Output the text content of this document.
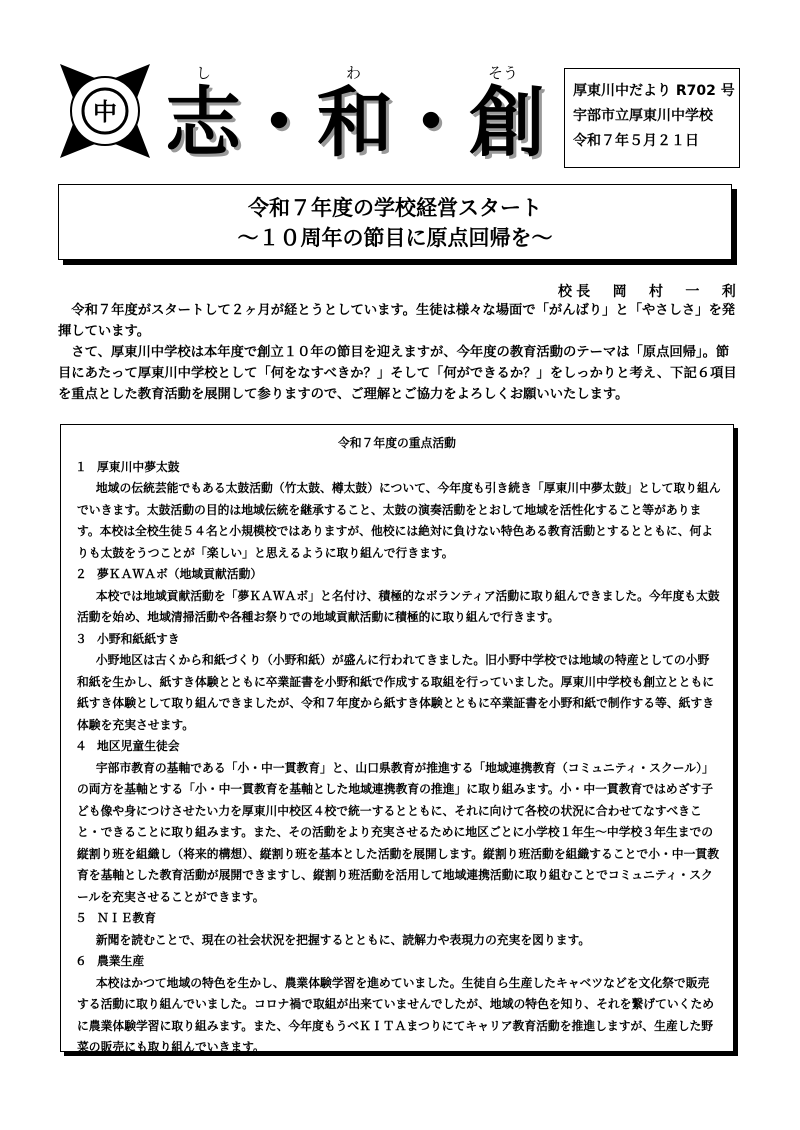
中
し	わ	そう
志・和・創	厚東川中だより R702 号
宇部市立厚東川中学校
令和７年５月２１日
令和７年度の学校経営スタート
～１０周年の節目に原点回帰を～
校長　岡　村　一　利

令和７年度がスタートして２ヶ月が経とうとしています。生徒は様々な場面で「がんばり」と「やさしさ」を発揮しています。

さて、厚東川中学校は本年度で創立１０年の節目を迎えますが、今年度の教育活動のテーマは「原点回帰」。節目にあたって厚東川中学校として「何をなすべきか？」そして「何ができるか？」をしっかりと考え、下記６項目を重点とした教育活動を展開して参りますので、ご理解とご協力をよろしくお願いいたします。

令和７年度の重点活動
１ 厚東川中夢太鼓

地域の伝統芸能でもある太鼓活動（竹太鼓、樽太鼓）について、今年度も引き続き「厚東川中夢太鼓」として取り組んでいきます。太鼓活動の目的は地域伝統を継承すること、太鼓の演奏活動をとおして地域を活性化すること等があります。本校は全校生徒５４名と小規模校ではありますが、他校には絶対に負けない特色ある教育活動とするとともに、何よりも太鼓をうつことが「楽しい」と思えるように取り組んで行きます。

２ 夢ＫＡＷＡボ（地域貢献活動）

本校では地域貢献活動を「夢ＫＡＷＡボ」と名付け、積極的なボランティア活動に取り組んできました。今年度も太鼓活動を始め、地域清掃活動や各種お祭りでの地域貢献活動に積極的に取り組んで行きます。

３ 小野和紙紙すき

小野地区は古くから和紙づくり（小野和紙）が盛んに行われてきました。旧小野中学校では地域の特産としての小野和紙を生かし、紙すき体験とともに卒業証書を小野和紙で作成する取組を行っていました。厚東川中学校も創立とともに紙すき体験として取り組んできましたが、令和７年度から紙すき体験とともに卒業証書を小野和紙で制作する等、紙すき体験を充実させます。

４ 地区児童生徒会

宇部市教育の基軸である「小・中一貫教育」と、山口県教育が推進する「地域連携教育（コミュニティ・スクール）」の両方を基軸とする「小・中一貫教育を基軸とした地域連携教育の推進」に取り組みます。小・中一貫教育ではめざす子ども像や身につけさせたい力を厚東川中校区４校で統一するとともに、それに向けて各校の状況に合わせてなすべきこと・できることに取り組みます。また、その活動をより充実させるために地区ごとに小学校１年生～中学校３年生までの縦割り班を組織し（将来的構想）、縦割り班を基本とした活動を展開します。縦割り班活動を組織することで小・中一貫教育を基軸とした教育活動が展開できますし、縦割り班活動を活用して地域連携活動に取り組むことでコミュニティ・スクールを充実させることができます。

５ ＮＩＥ教育

新聞を読むことで、現在の社会状況を把握するとともに、読解力や表現力の充実を図ります。

６ 農業生産

本校はかつて地域の特色を生かし、農業体験学習を進めていました。生徒自ら生産したキャベツなどを文化祭で販売する活動に取り組んでいました。コロナ禍で取組が出来ていませんでしたが、地域の特色を知り、それを繋げていくために農業体験学習に取り組みます。また、今年度もうべＫＩＴＡまつりにてキャリア教育活動を推進しますが、生産した野菜の販売にも取り組んでいきます。
